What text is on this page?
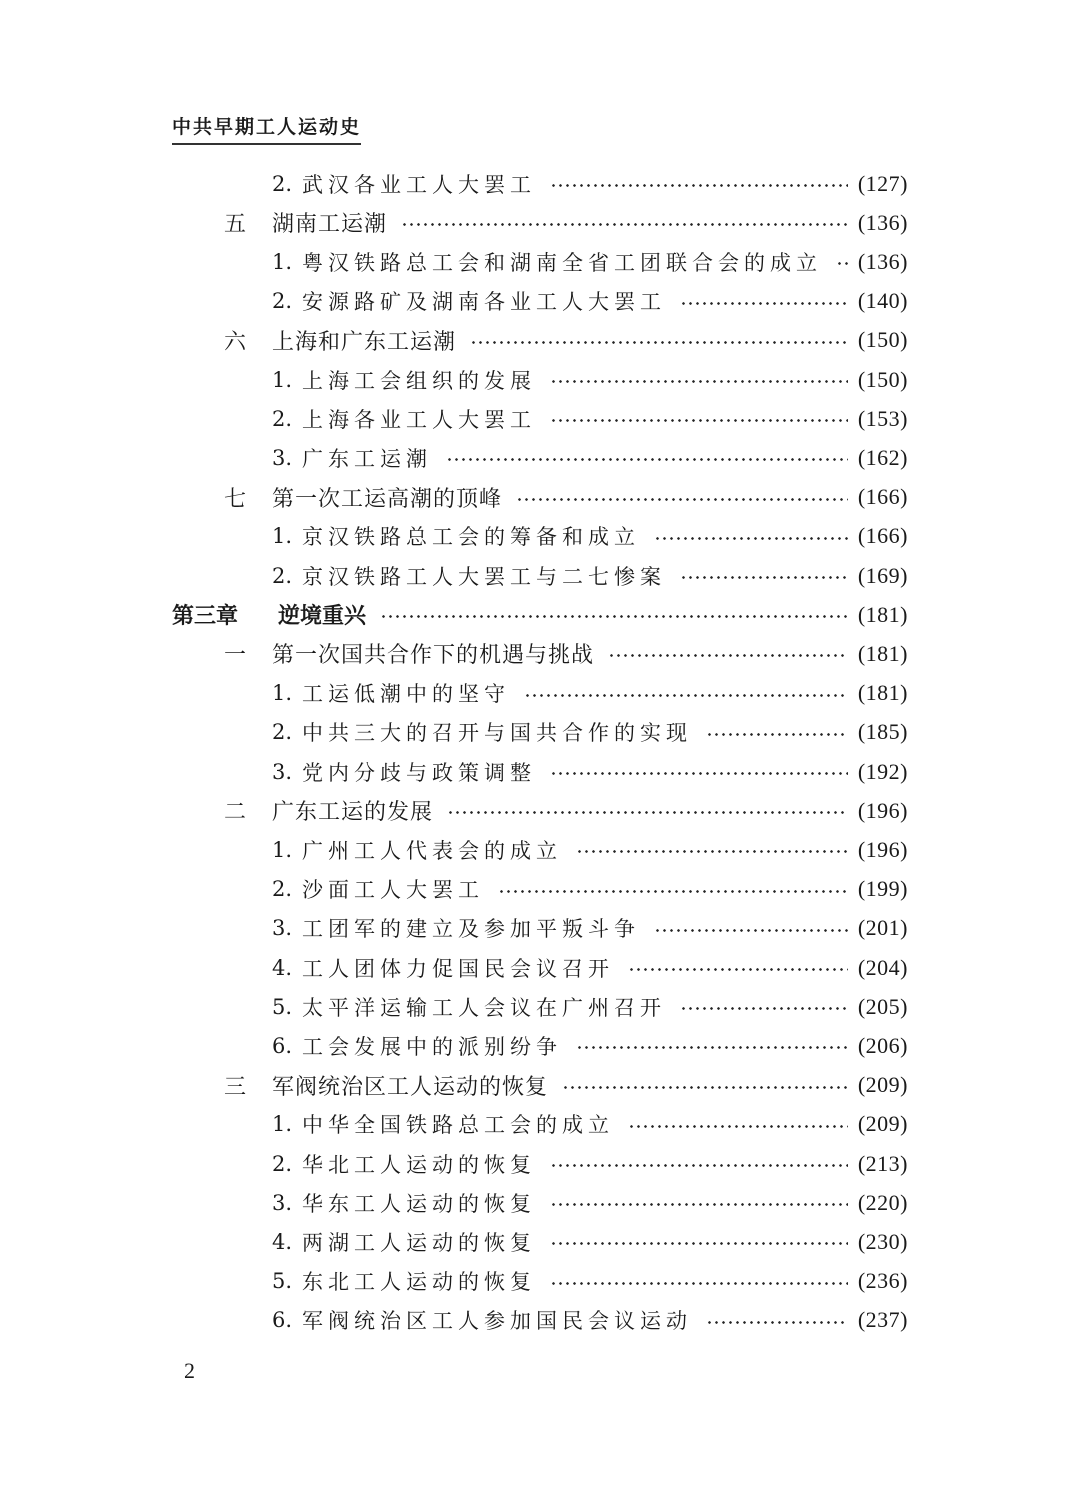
中共早期工人运动史
2. 武汉各业工人大罢工	(127)
五	湖南工运潮	(136)
1. 粤汉铁路总工会和湖南全省工团联合会的成立 (136)
2. 安源路矿及湖南各业工人大罢工	(140)
六	上海和广东工运潮	(150)
1. 上海工会组织的发展	(150)
2. 上海各业工人大罢工	(153)
3. 广东工运潮	(162)
七	第一次工运高潮的顶峰	(166)
1. 京汉铁路总工会的筹备和成立	(166)
2. 京汉铁路工人大罢工与二七惨案	(169)
第三章	逆境重兴	(181)
一	第一次国共合作下的机遇与挑战	(181)
1. 工运低潮中的坚守	(181)
2. 中共三大的召开与国共合作的实现	(185)
3. 党内分歧与政策调整	(192)
二	广东工运的发展	(196)
1. 广州工人代表会的成立	(196)
2. 沙面工人大罢工	(199)
3. 工团军的建立及参加平叛斗争	(201)
4. 工人团体力促国民会议召开	(204)
5. 太平洋运输工人会议在广州召开	(205)
6. 工会发展中的派别纷争	(206)
三	军阀统治区工人运动的恢复	(209)
1. 中华全国铁路总工会的成立	(209)
2. 华北工人运动的恢复	(213)
3. 华东工人运动的恢复	(220)
4. 两湖工人运动的恢复	(230)
5. 东北工人运动的恢复	(236)
6. 军阀统治区工人参加国民会议运动	(237)
2
